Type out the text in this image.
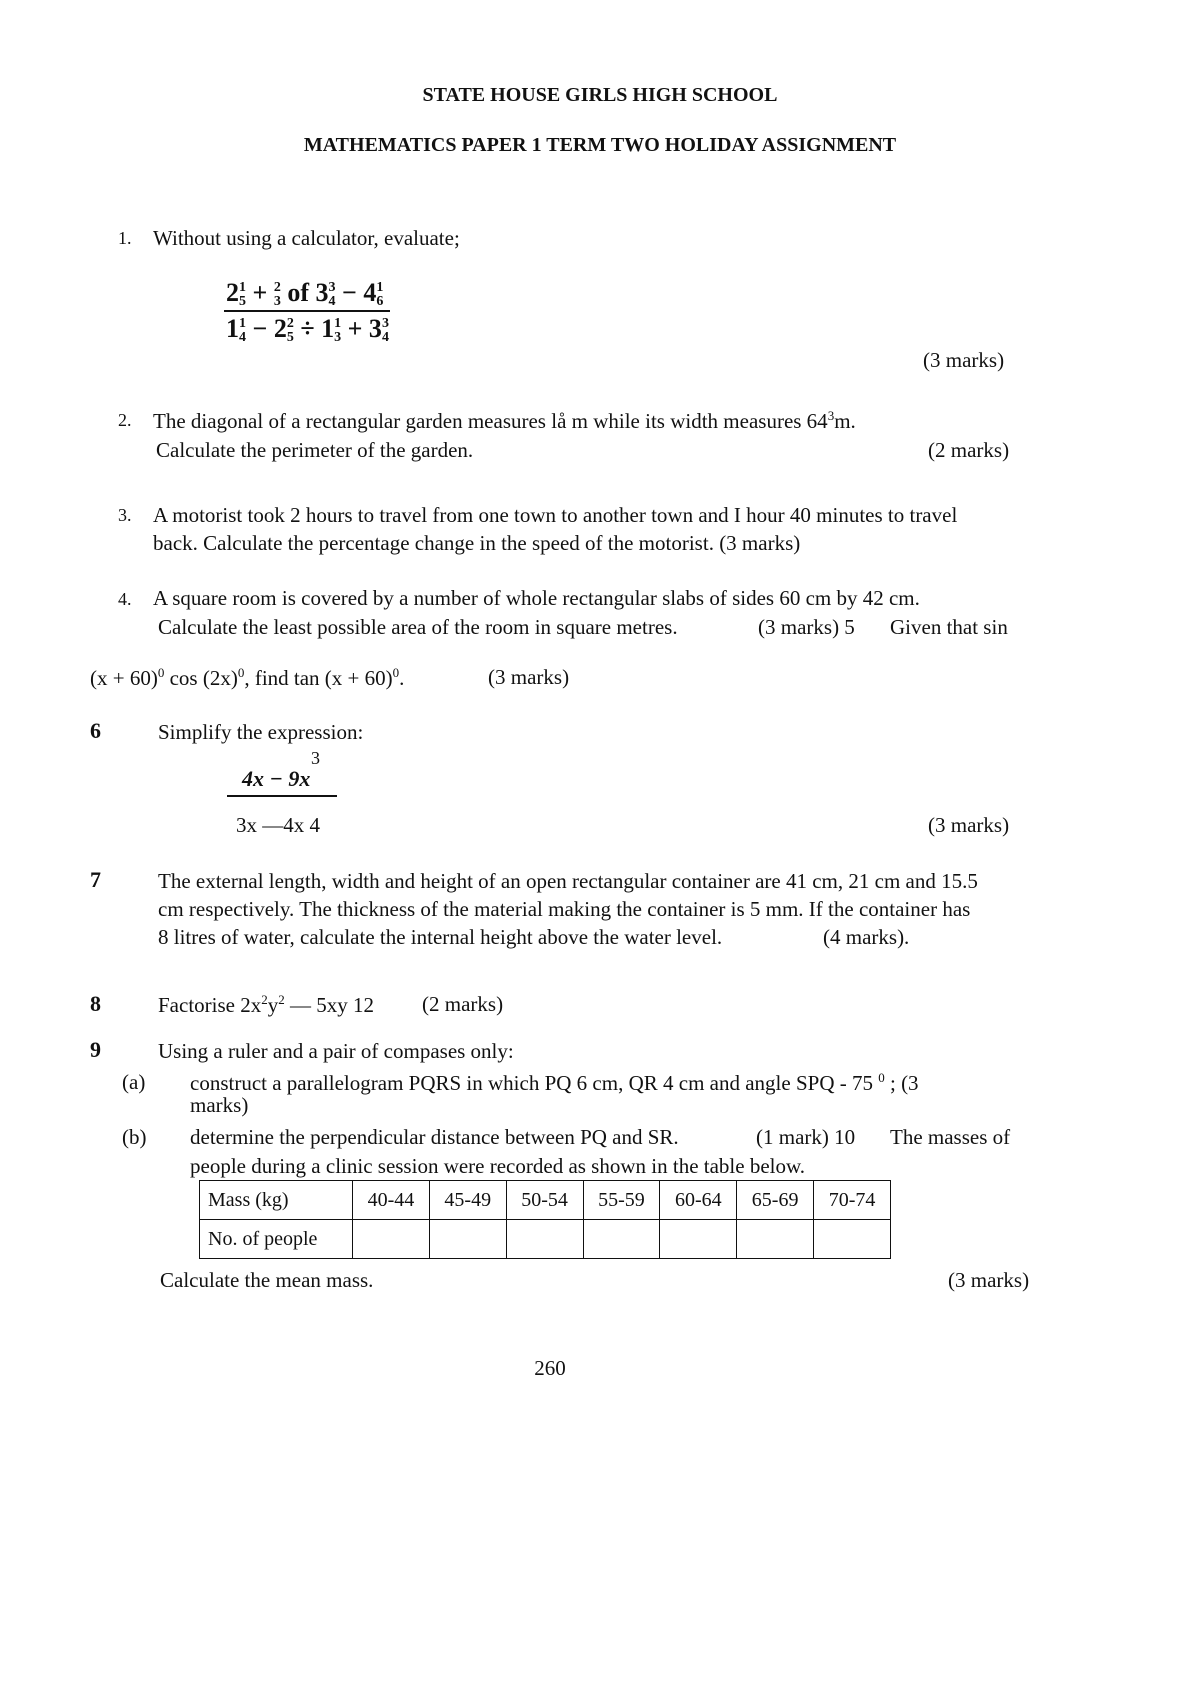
STATE HOUSE GIRLS HIGH SCHOOL
MATHEMATICS PAPER 1 TERM TWO HOLIDAY ASSIGNMENT
1. Without using a calculator, evaluate;
2 1
5 + 2
3 of 3 3
4 − 4 1
6
1 1
4 − 2 2
5 ÷ 1 1
3 + 3 3
4
(3 marks)
2. The diagonal of a rectangular garden measures lå m while its width measures $64^3m$.
Calculate the perimeter of the garden.	(2 marks)
3. A motorist took 2 hours to travel from one town to another town and I hour 40 minutes to travel
back. Calculate the percentage change in the speed of the motorist. (3 marks)
4. A square room is covered by a number of whole rectangular slabs of sides 60 cm by 42 cm.
Calculate the least possible area of the room in square metres.	(3 marks) 5 Given that sin
$(x + 60)^0$ $\cos (2x)^0$, find $\tan (x + 60)^0$.	(3 marks)
6	Simplify the expression:
3
4x − 9x
3x —4x 4	(3 marks)
7	The external length, width and height of an open rectangular container are 41 cm, 21 cm and 15.5
cm respectively. The thickness of the material making the container is 5 mm. If the container has
8 litres of water, calculate the internal height above the water level.	(4 marks).
8	Factorise $2x^2y^2$ — 5xy 12 (2 marks)
9	Using a ruler and a pair of compases only:
(a) construct a parallelogram PQRS in which PQ 6 cm, QR 4 cm and angle SPQ - 75 $^0$ ; (3
marks)
(b) determine the perpendicular distance between PQ and SR.	(1 mark) 10 The masses of
people during a clinic session were recorded as shown in the table below.
Mass (kg)	40-44	45-49	50-54	55-59	60-64	65-69	70-74
No. of people							
Calculate the mean mass.	(3 marks)
260
